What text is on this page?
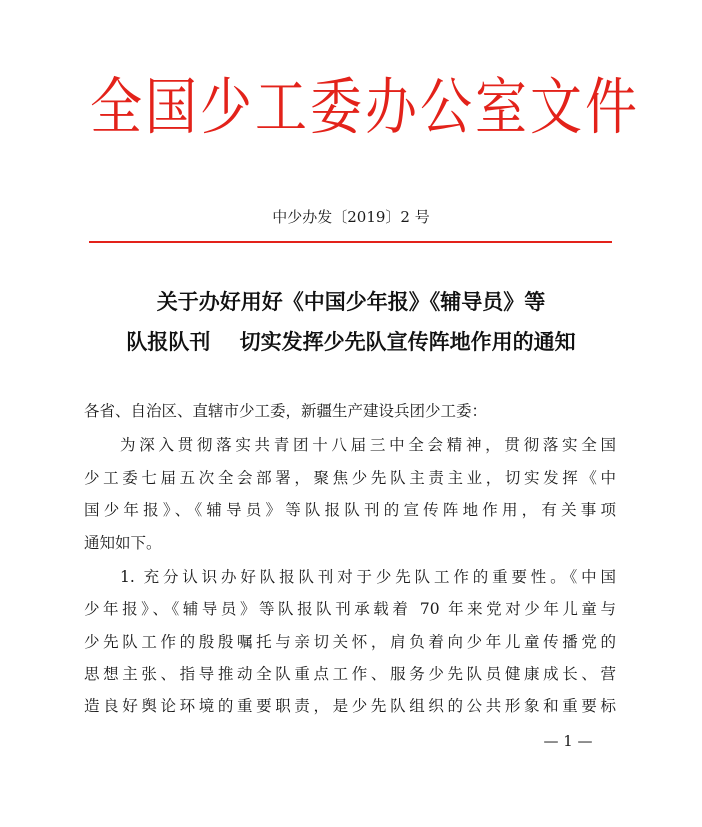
全国少工委办公室文件
中少办发〔2019〕2 号
关于办好用好《中国少年报》《辅导员》等
队报队刊    切实发挥少先队宣传阵地作用的通知
各省、自治区、直辖市少工委，新疆生产建设兵团少工委：
为深入贯彻落实共青团十八届三中全会精神，贯彻落实全国
少工委七届五次全会部署，聚焦少先队主责主业，切实发挥《中
国少年报》、《辅导员》等队报队刊的宣传阵地作用，有关事项
通知如下。
1. 充分认识办好队报队刊对于少先队工作的重要性。《中国
少年报》、《辅导员》等队报队刊承载着 70 年来党对少年儿童与
少先队工作的殷殷嘱托与亲切关怀，肩负着向少年儿童传播党的
思想主张、指导推动全队重点工作、服务少先队员健康成长、营
造良好舆论环境的重要职责，是少先队组织的公共形象和重要标
— 1 —
